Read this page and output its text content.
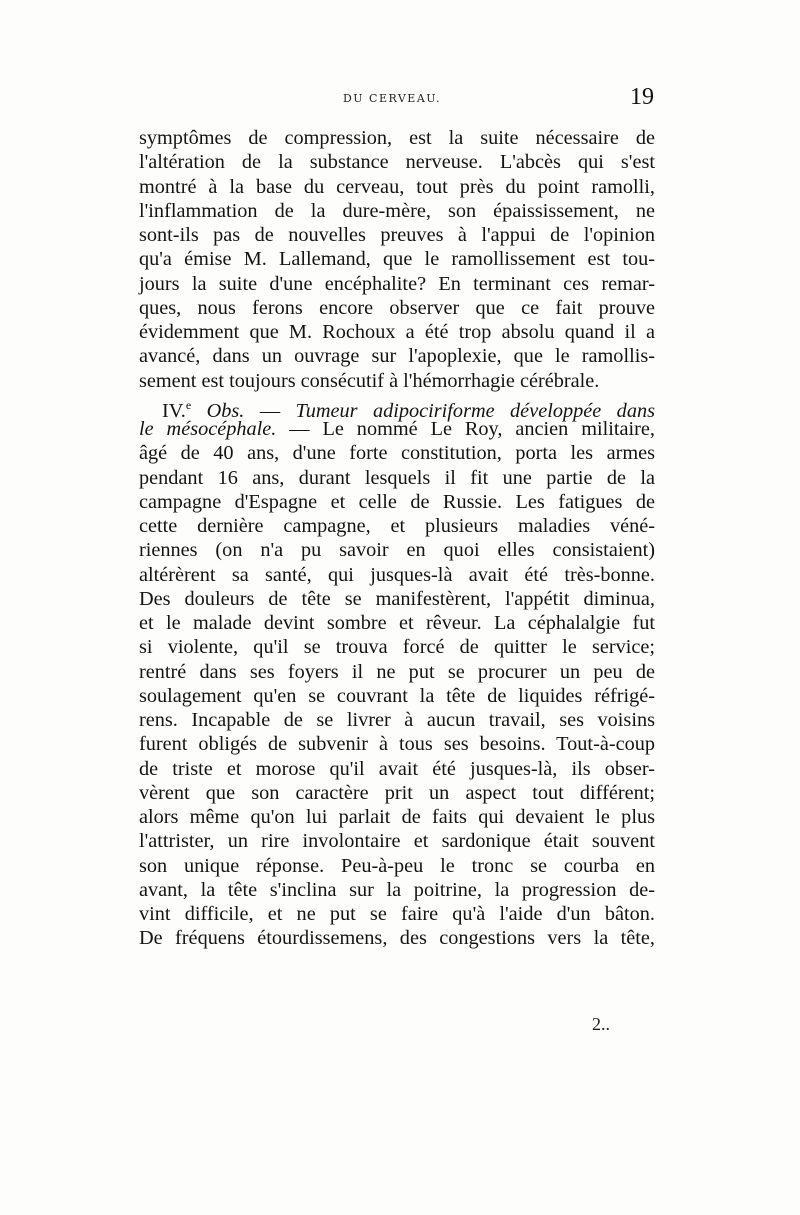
DU CERVEAU.	19
symptômes de compression, est la suite nécessaire de
l'altération de la substance nerveuse. L'abcès qui s'est
montré à la base du cerveau, tout près du point ramolli,
l'inflammation de la dure-mère, son épaississement, ne
sont-ils pas de nouvelles preuves à l'appui de l'opinion
qu'a émise M. Lallemand, que le ramollissement est tou-
jours la suite d'une encéphalite? En terminant ces remar-
ques, nous ferons encore observer que ce fait prouve
évidemment que M. Rochoux a été trop absolu quand il a
avancé, dans un ouvrage sur l'apoplexie, que le ramollis-
sement est toujours consécutif à l'hémorrhagie cérébrale.
IV.$^e$ Obs. — Tumeur adipociriforme développée dans
le mésocéphale. — Le nommé Le Roy, ancien militaire,
âgé de 40 ans, d'une forte constitution, porta les armes
pendant 16 ans, durant lesquels il fit une partie de la
campagne d'Espagne et celle de Russie. Les fatigues de
cette dernière campagne, et plusieurs maladies véné-
riennes (on n'a pu savoir en quoi elles consistaient)
altérèrent sa santé, qui jusques-là avait été très-bonne.
Des douleurs de tête se manifestèrent, l'appétit diminua,
et le malade devint sombre et rêveur. La céphalalgie fut
si violente, qu'il se trouva forcé de quitter le service;
rentré dans ses foyers il ne put se procurer un peu de
soulagement qu'en se couvrant la tête de liquides réfrigé-
rens. Incapable de se livrer à aucun travail, ses voisins
furent obligés de subvenir à tous ses besoins. Tout-à-coup
de triste et morose qu'il avait été jusques-là, ils obser-
vèrent que son caractère prit un aspect tout différent;
alors même qu'on lui parlait de faits qui devaient le plus
l'attrister, un rire involontaire et sardonique était souvent
son unique réponse. Peu-à-peu le tronc se courba en
avant, la tête s'inclina sur la poitrine, la progression de-
vint difficile, et ne put se faire qu'à l'aide d'un bâton.
De fréquens étourdissemens, des congestions vers la tête,
2..
